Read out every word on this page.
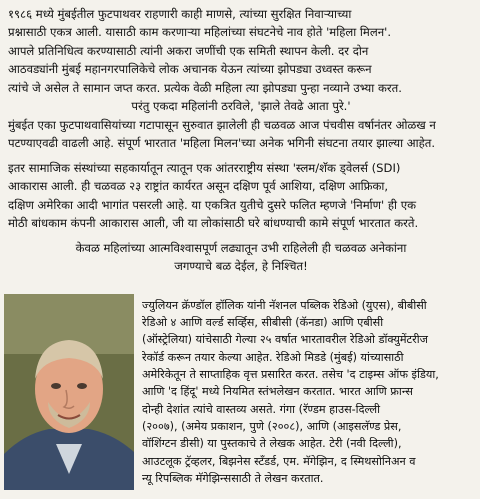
१९८६ मध्ये मुंबईतील फुटपाथवर राहणारी काही माणसे, त्यांच्या सुरक्षित निवाऱ्याच्या
प्रश्नासाठी एकत्र आली. यासाठी काम करणाऱ्या महिलांच्या संघटनेचे नाव होते 'महिला मिलन'.
आपले प्रतिनिधित्व करण्यासाठी त्यांनी अकरा जणींची एक समिती स्थापन केली. दर दोन
आठवड्यांनी मुंबई महानगरपालिकेचे लोक अचानक येऊन त्यांच्या झोपड्या उध्वस्त करून
त्यांचे जे असेल ते सामान जप्त करत. प्रत्येक वेळी महिला त्या झोपड्या पुन्हा नव्याने उभ्या करत.
परंतु एकदा महिलांनी ठरविले, 'झाले तेवढे आता पुरे.'
मुंबईत एका फुटपाथवासियांच्या गटापासून सुरुवात झालेली ही चळवळ आज पंचवीस वर्षानंतर ओळख न
पटण्याएवढी वाढली आहे. संपूर्ण भारतात 'महिला मिलन'च्या अनेक भगिनी संघटना तयार झाल्या आहेत.
इतर सामाजिक संस्थांच्या सहकार्यातून त्यातून एक आंतरराष्ट्रीय संस्था 'स्लम/शॅक ड्वेलर्स (SDI)
आकारास आली. ही चळवळ २३ राष्ट्रांत कार्यरत असून दक्षिण पूर्व आशिया, दक्षिण आफ्रिका,
दक्षिण अमेरिका आदी भागांत पसरली आहे. या एकत्रित युतीचे दुसरे फलित म्हणजे 'निर्माण' ही एक
मोठी बांधकाम कंपनी आकारास आली, जी या लोकांसाठी घरे बांधण्याची कामे संपूर्ण भारतात करते.
केवळ महिलांच्या आत्मविश्वासपूर्ण लढ्यातून उभी राहिलेली ही चळवळ अनेकांना
जगण्याचे बळ देईल, हे निश्चित!
ज्युलियन क्रॅण्डॉल हॉलिक यांनी नॅशनल पब्लिक रेडिओ (युएस), बीबीसी
रेडिओ ४ आणि वर्ल्ड सर्व्हिस, सीबीसी (कॅनडा) आणि एबीसी
(ऑस्ट्रेलिया) यांचेसाठी गेल्या २५ वर्षात भारतावरील रेडिओ डॉक्युमेंटरीज
रेकॉर्ड करून तयार केल्या आहेत. रेडिओ मिडडे (मुंबई) यांच्यासाठी
अमेरिकेतून ते साप्ताहिक वृत्त प्रसारित करत. तसेच 'द टाइम्स ऑफ इंडिया,
आणि 'द हिंदू' मध्ये नियमित स्तंभलेखन करतात. भारत आणि फ्रान्स
दोन्ही देशांत त्यांचे वास्तव्य असते. गंगा (रॅण्डम हाउस-दिल्ली
(२००७), (अमेय प्रकाशन, पुणे (२००८), आणि (आइसलॅण्ड प्रेस,
वॉशिंग्टन डीसी) या पुस्तकाचे ते लेखक आहेत. टेरी (नवी दिल्ली),
आउटलूक ट्रॅव्हलर, बिझनेस स्टॅंडर्ड, एम. मॅगेझिन, द स्मिथसोनिअन व
न्यू रिपब्लिक मॅगेझिन्ससाठी ते लेखन करतात.
